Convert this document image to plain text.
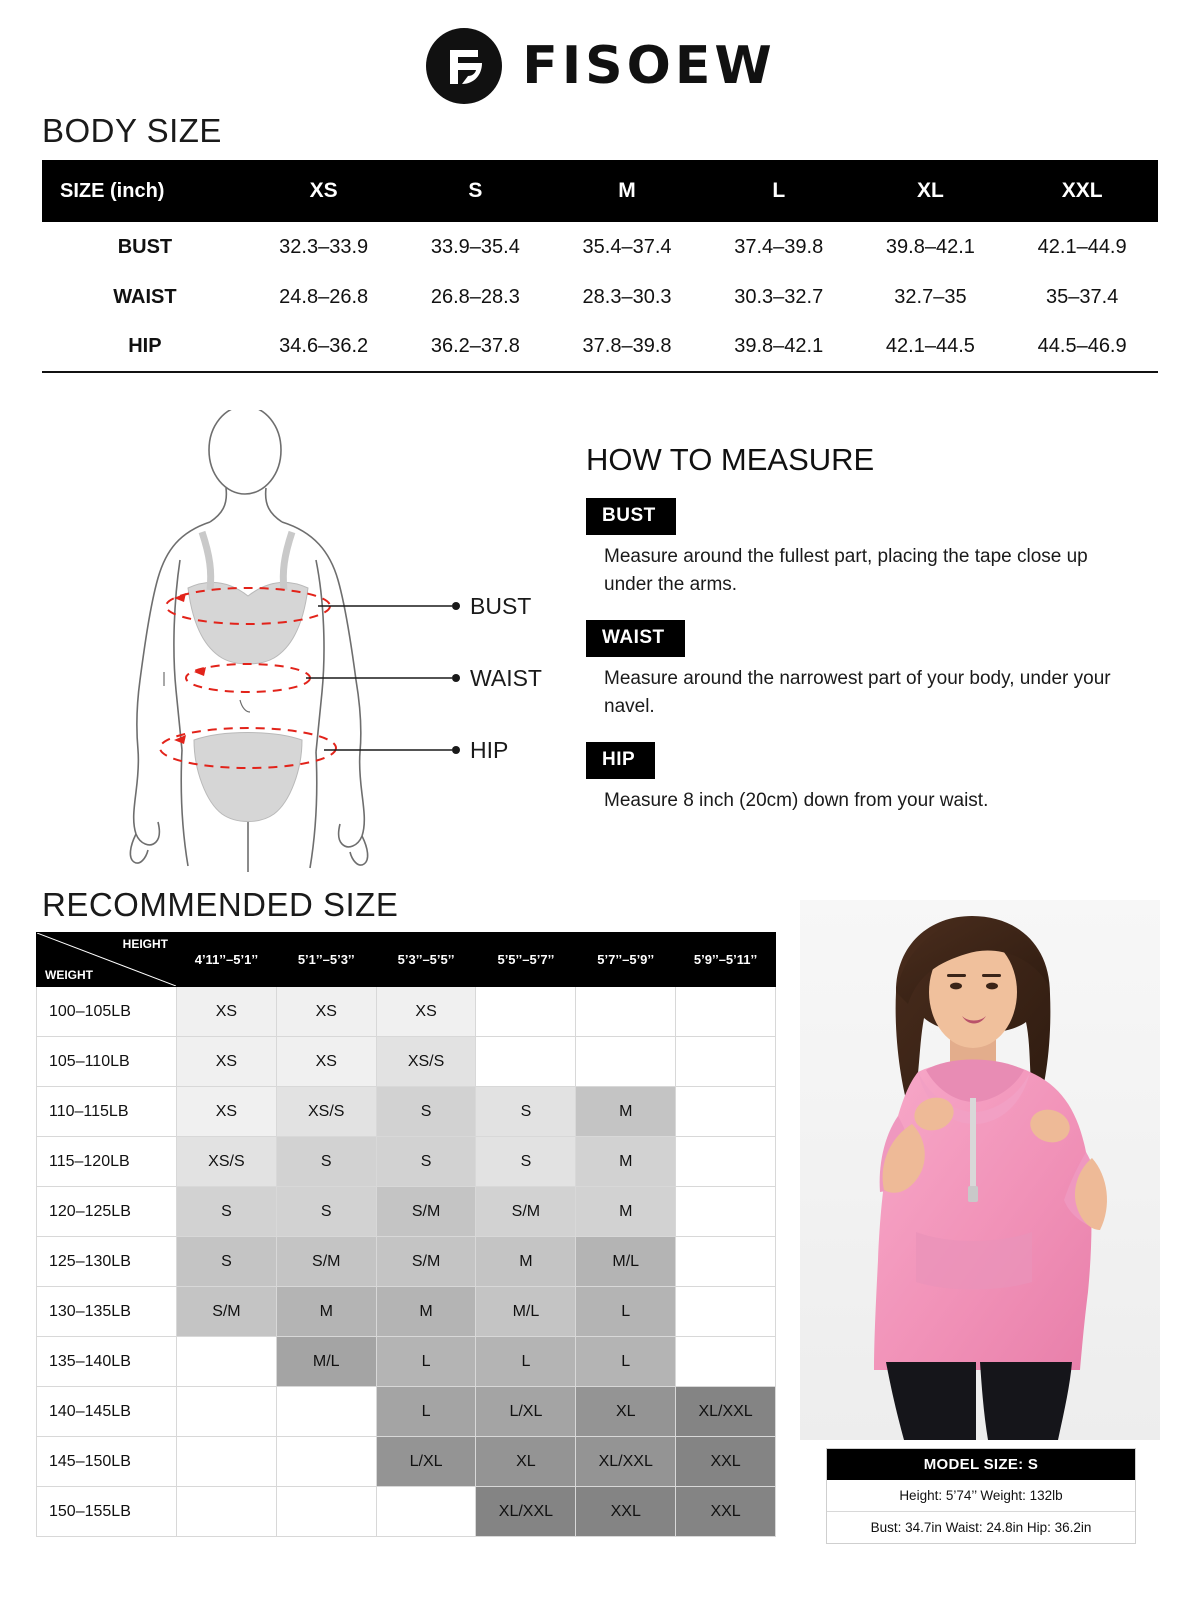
FISOEW
BODY SIZE
SIZE (inch)	XS	S	M	L	XL	XXL
BUST	32.3–33.9	33.9–35.4	35.4–37.4	37.4–39.8	39.8–42.1	42.1–44.9
WAIST	24.8–26.8	26.8–28.3	28.3–30.3	30.3–32.7	32.7–35	35–37.4
HIP	34.6–36.2	36.2–37.8	37.8–39.8	39.8–42.1	42.1–44.5	44.5–46.9
BUST
WAIST
HIP
HOW TO MEASURE
BUST

Measure around the fullest part, placing the tape close up under the arms.

WAIST

Measure around the narrowest part of your body, under your navel.

HIP

Measure 8 inch (20cm) down from your waist.

RECOMMENDED SIZE
HEIGHT
WEIGHT	4’11’’–5’1’’	5’1’’–5’3’’	5’3’’–5’5’’	5’5’’–5’7’’	5’7’’–5’9’’	5’9’’–5’11’’
100–105LB	XS	XS	XS			
105–110LB	XS	XS	XS/S			
110–115LB	XS	XS/S	S	S	M	
115–120LB	XS/S	S	S	S	M	
120–125LB	S	S	S/M	S/M	M	
125–130LB	S	S/M	S/M	M	M/L	
130–135LB	S/M	M	M	M/L	L	
135–140LB		M/L	L	L	L	
140–145LB			L	L/XL	XL	XL/XXL
145–150LB			L/XL	XL	XL/XXL	XXL
150–155LB				XL/XXL	XXL	XXL
MODEL SIZE: S
Height: 5’74’’ Weight: 132lb
Bust: 34.7in Waist: 24.8in Hip: 36.2in
